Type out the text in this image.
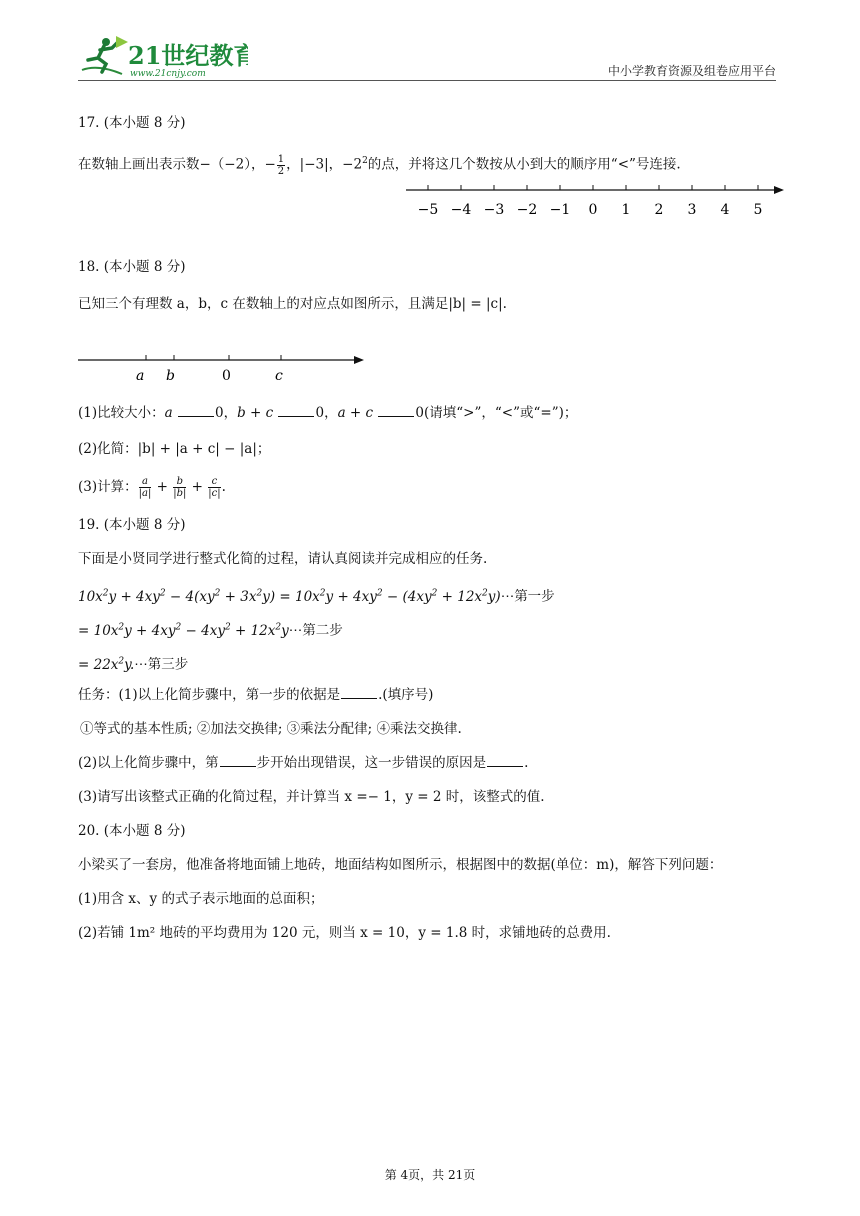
21世纪教育
www.21cnjy.com	中小学教育资源及组卷应用平台
17. (本小题 8 分)
在数轴上画出表示数−（−2），− $\frac{1}{2}$ ，|−3|，$-2^2$的点，并将这几个数按从小到大的顺序用“<”号连接.
−5 −4 −3 −2 −1 0 1 2 3 4 5
18. (本小题 8 分)
已知三个有理数 a，b，c 在数轴上的对应点如图所示，且满足|b| = |c|.
a b	0	c
(1)比较大小：a	0，b + c	0，a + c	0(请填“>”，“<”或“=”)；
(2)化简：|b| + |a + c| − |a|；
(3)计算： $\frac{a}{|a|} + \frac{b}{|b|} + \frac{c}{|c|}$ .
19. (本小题 8 分)
下面是小贤同学进行整式化简的过程，请认真阅读并完成相应的任务.
$10x^2y + 4xy^2 - 4(xy^2 + 3x^2y) = 10x^2y + 4xy^2 - (4xy^2$ + $12x^2y)\cdots$第一步
= $10x^2y + 4xy^2 - 4xy^2$ + $12x^2y\cdots$第二步
= $22x^2y.\cdots$第三步
任务：(1)以上化简步骤中，第一步的依据是	.(填序号)
①等式的基本性质; ②加法交换律; ③乘法分配律; ④乘法交换律.
(2)以上化简步骤中，第	步开始出现错误，这一步错误的原因是	.
(3)请写出该整式正确的化简过程，并计算当 x =− 1，y = 2 时，该整式的值.
20. (本小题 8 分)
小梁买了一套房，他准备将地面铺上地砖，地面结构如图所示，根据图中的数据(单位：m)，解答下列问题：
(1)用含 x、y 的式子表示地面的总面积；
(2)若铺 1m² 地砖的平均费用为 120 元，则当 x = 10，y = 1.8 时，求铺地砖的总费用.
第 4页，共 21页
